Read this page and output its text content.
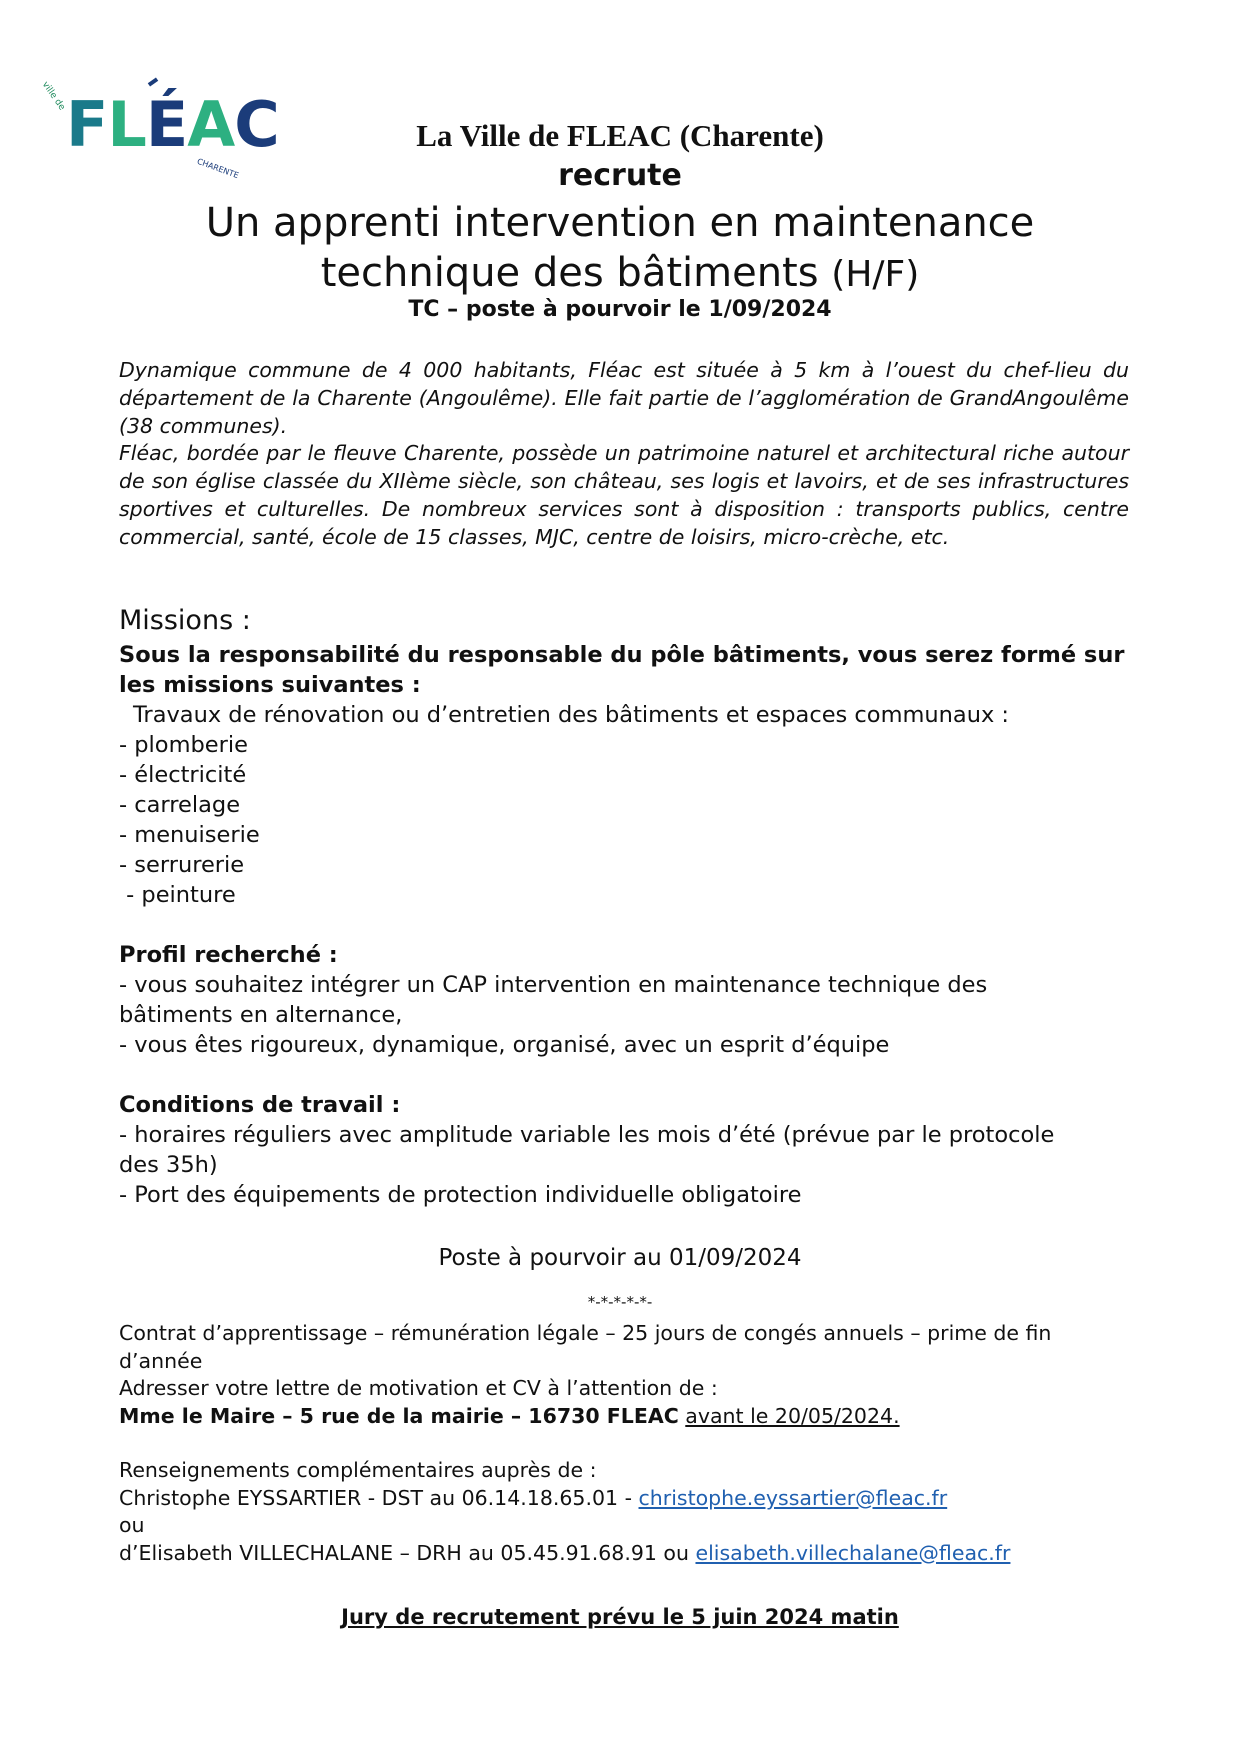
ville de FLÉAC
CHARENTE
La Ville de FLEAC (Charente)
recrute
Un apprenti intervention en maintenance
technique des bâtiments (H/F)
TC – poste à pourvoir le 1/09/2024

Dynamique commune de 4 000 habitants, Fléac est située à 5 km à l’ouest du chef-lieu du département de la Charente (Angoulême). Elle fait partie de l’agglomération de GrandAngoulême (38 communes).

Fléac, bordée par le fleuve Charente, possède un patrimoine naturel et architectural riche autour de son église classée du XIIème siècle, son château, ses logis et lavoirs, et de ses infrastructures sportives et culturelles. De nombreux services sont à disposition : transports publics, centre commercial, santé, école de 15 classes, MJC, centre de loisirs, micro-crèche, etc.

Missions :
Sous la responsabilité du responsable du pôle bâtiments, vous serez formé sur
les missions suivantes :
Travaux de rénovation ou d’entretien des bâtiments et espaces communaux :
- plomberie
- électricité
- carrelage
- menuiserie
- serrurerie
- peinture
Profil recherché :
- vous souhaitez intégrer un CAP intervention en maintenance technique des
bâtiments en alternance,
- vous êtes rigoureux, dynamique, organisé, avec un esprit d’équipe
Conditions de travail :
- horaires réguliers avec amplitude variable les mois d’été (prévue par le protocole
des 35h)
- Port des équipements de protection individuelle obligatoire
Poste à pourvoir au 01/09/2024
*-*-*-*-*-
Contrat d’apprentissage – rémunération légale – 25 jours de congés annuels – prime de fin
d’année
Adresser votre lettre de motivation et CV à l’attention de :
Mme le Maire – 5 rue de la mairie – 16730 FLEAC avant le 20/05/2024.
Renseignements complémentaires auprès de :
Christophe EYSSARTIER - DST au 06.14.18.65.01 - christophe.eyssartier@fleac.fr
ou
d’Elisabeth VILLECHALANE – DRH au 05.45.91.68.91 ou elisabeth.villechalane@fleac.fr
Jury de recrutement prévu le 5 juin 2024 matin
